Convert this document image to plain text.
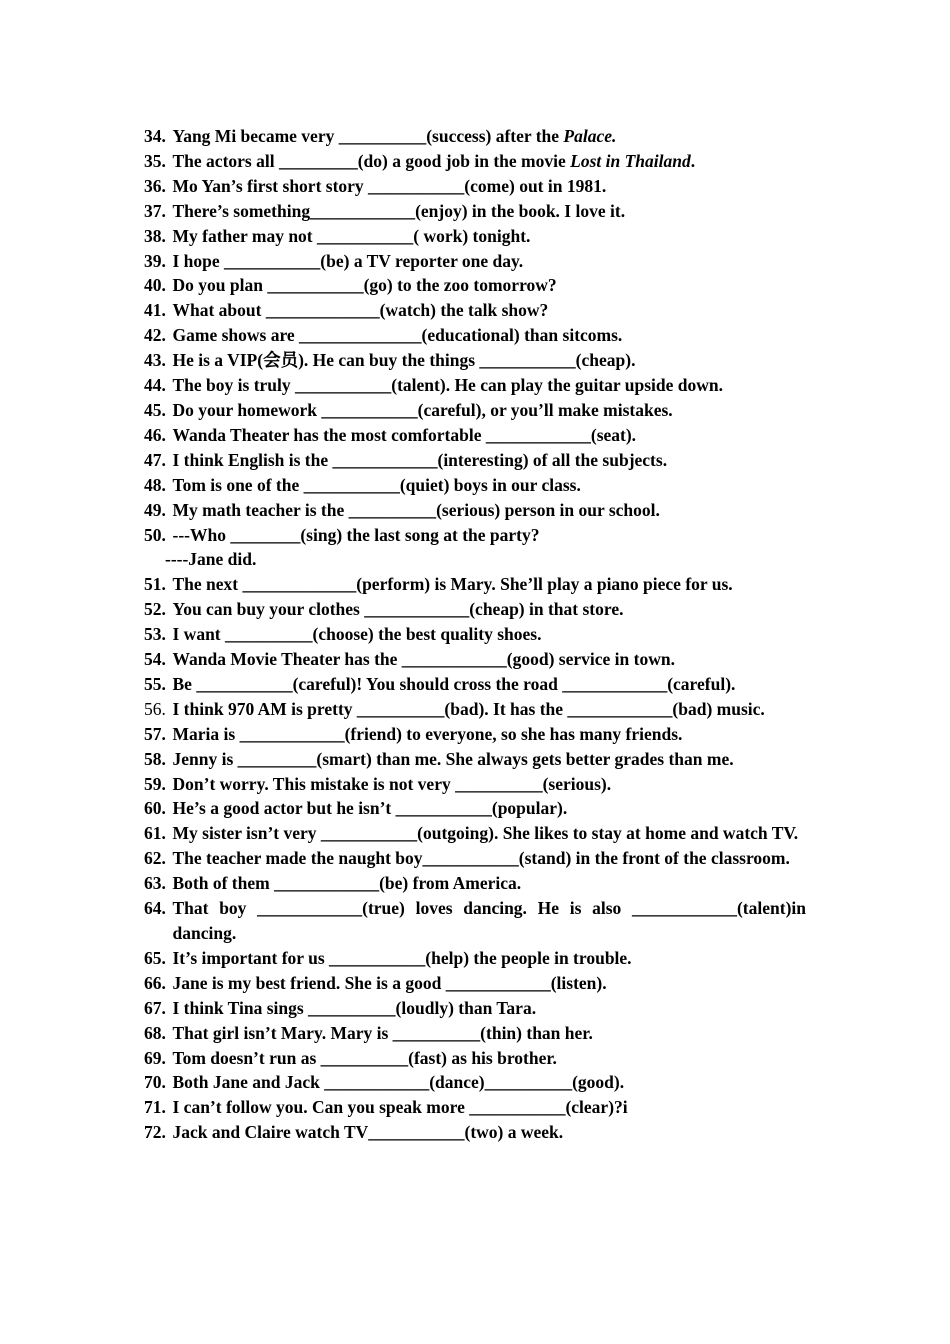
34. Yang Mi became very __________(success) after the Palace.
35. The actors all _________(do) a good job in the movie Lost in Thailand.
36. Mo Yan’s first short story ___________(come) out in 1981.
37. There’s something____________(enjoy) in the book. I love it.
38. My father may not ___________( work) tonight.
39. I hope ___________(be) a TV reporter one day.
40. Do you plan ___________(go) to the zoo tomorrow?
41. What about _____________(watch) the talk show?
42. Game shows are ______________(educational) than sitcoms.
43. He is a VIP(会员). He can buy the things ___________(cheap).
44. The boy is truly ___________(talent). He can play the guitar upside down.
45. Do your homework ___________(careful), or you’ll make mistakes.
46. Wanda Theater has the most comfortable ____________(seat).
47. I think English is the ____________(interesting) of all the subjects.
48. Tom is one of the ___________(quiet) boys in our class.
49. My math teacher is the __________(serious) person in our school.
50. ---Who ________(sing) the last song at the party?
----Jane did.
51. The next _____________(perform) is Mary. She’ll play a piano piece for us.
52. You can buy your clothes ____________(cheap) in that store.
53. I want __________(choose) the best quality shoes.
54. Wanda Movie Theater has the ____________(good) service in town.
55. Be ___________(careful)! You should cross the road ____________(careful).
56. I think 970 AM is pretty __________(bad). It has the ____________(bad) music.
57. Maria is ____________(friend) to everyone, so she has many friends.
58. Jenny is _________(smart) than me. She always gets better grades than me.
59. Don’t worry. This mistake is not very __________(serious).
60. He’s a good actor but he isn’t ___________(popular).
61. My sister isn’t very ___________(outgoing). She likes to stay at home and watch TV.
62. The teacher made the naught boy___________(stand) in the front of the classroom.
63. Both of them ____________(be) from America.
64. That boy ____________(true) loves dancing. He is also ____________(talent)in dancing.
65. It’s important for us ___________(help) the people in trouble.
66. Jane is my best friend. She is a good ____________(listen).
67. I think Tina sings __________(loudly) than Tara.
68. That girl isn’t Mary. Mary is __________(thin) than her.
69. Tom doesn’t run as __________(fast) as his brother.
70. Both Jane and Jack ____________(dance)__________(good).
71. I can’t follow you. Can you speak more ___________(clear)?i
72. Jack and Claire watch TV___________(two) a week.
